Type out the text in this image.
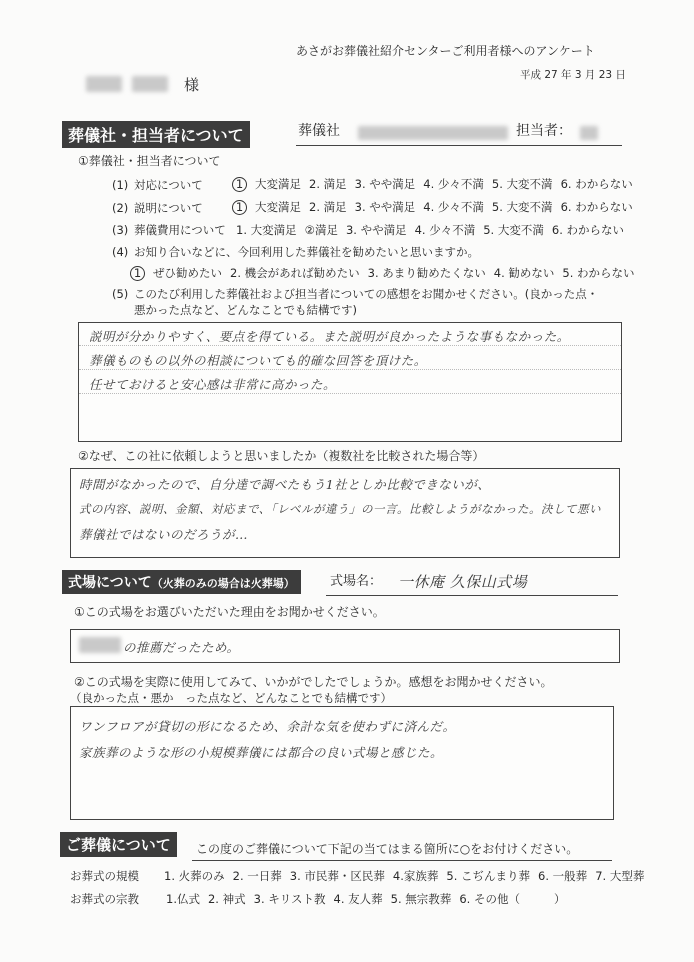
あさがお葬儀社紹介センターご利用者様へのアンケート
平成 27 年 3 月 23 日
様
葬儀社・担当者について	葬儀社	担当者：
①葬儀社・担当者について
(1) 対応について	1 大変満足 2. 満足 3. やや満足 4. 少々不満 5. 大変不満 6. わからない
(2) 説明について	1 大変満足 2. 満足 3. やや満足 4. 少々不満 5. 大変不満 6. わからない
(3) 葬儀費用について 1. 大変満足 ②満足 3. やや満足 4. 少々不満 5. 大変不満 6. わからない
(4) お知り合いなどに、今回利用した葬儀社を勧めたいと思いますか。
1 ぜひ勧めたい 2. 機会があれば勧めたい 3. あまり勧めたくない 4. 勧めない 5. わからない
(5) このたび利用した葬儀社および担当者についての感想をお聞かせください。(良かった点・
悪かった点など、どんなことでも結構です)
説明が分かりやすく、要点を得ている。また説明が良かったような事もなかった。
葬儀ものもの以外の相談についても的確な回答を頂けた。
任せておけると安心感は非常に高かった。
②なぜ、この社に依頼しようと思いましたか（複数社を比較された場合等）
時間がなかったので、自分達で調べたもう1社としか比較できないが、
式の内容、説明、金額、対応まで、「レベルが違う」の一言。比較しようがなかった。決して悪い
葬儀社ではないのだろうが…
式場について（火葬のみの場合は火葬場）	式場名： 一休庵 久保山式場
①この式場をお選びいただいた理由をお聞かせください。
の推薦だったため。
②この式場を実際に使用してみて、いかがでしたでしょうか。感想をお聞かせください。
（良かった点・悪か　った点など、どんなことでも結構です）
ワンフロアが貸切の形になるため、余計な気を使わずに済んだ。
家族葬のような形の小規模葬儀には都合の良い式場と感じた。
ご葬儀について	この度のご葬儀について下記の当てはまる箇所に○をお付けください。
お葬式の規模 1. 火葬のみ 2. 一日葬 3. 市民葬・区民葬 4.家族葬 5. こぢんまり葬 6. 一般葬 7. 大型葬
お葬式の宗教 1.仏式 2. 神式 3. キリスト教 4. 友人葬 5. 無宗教葬 6. その他（	）
